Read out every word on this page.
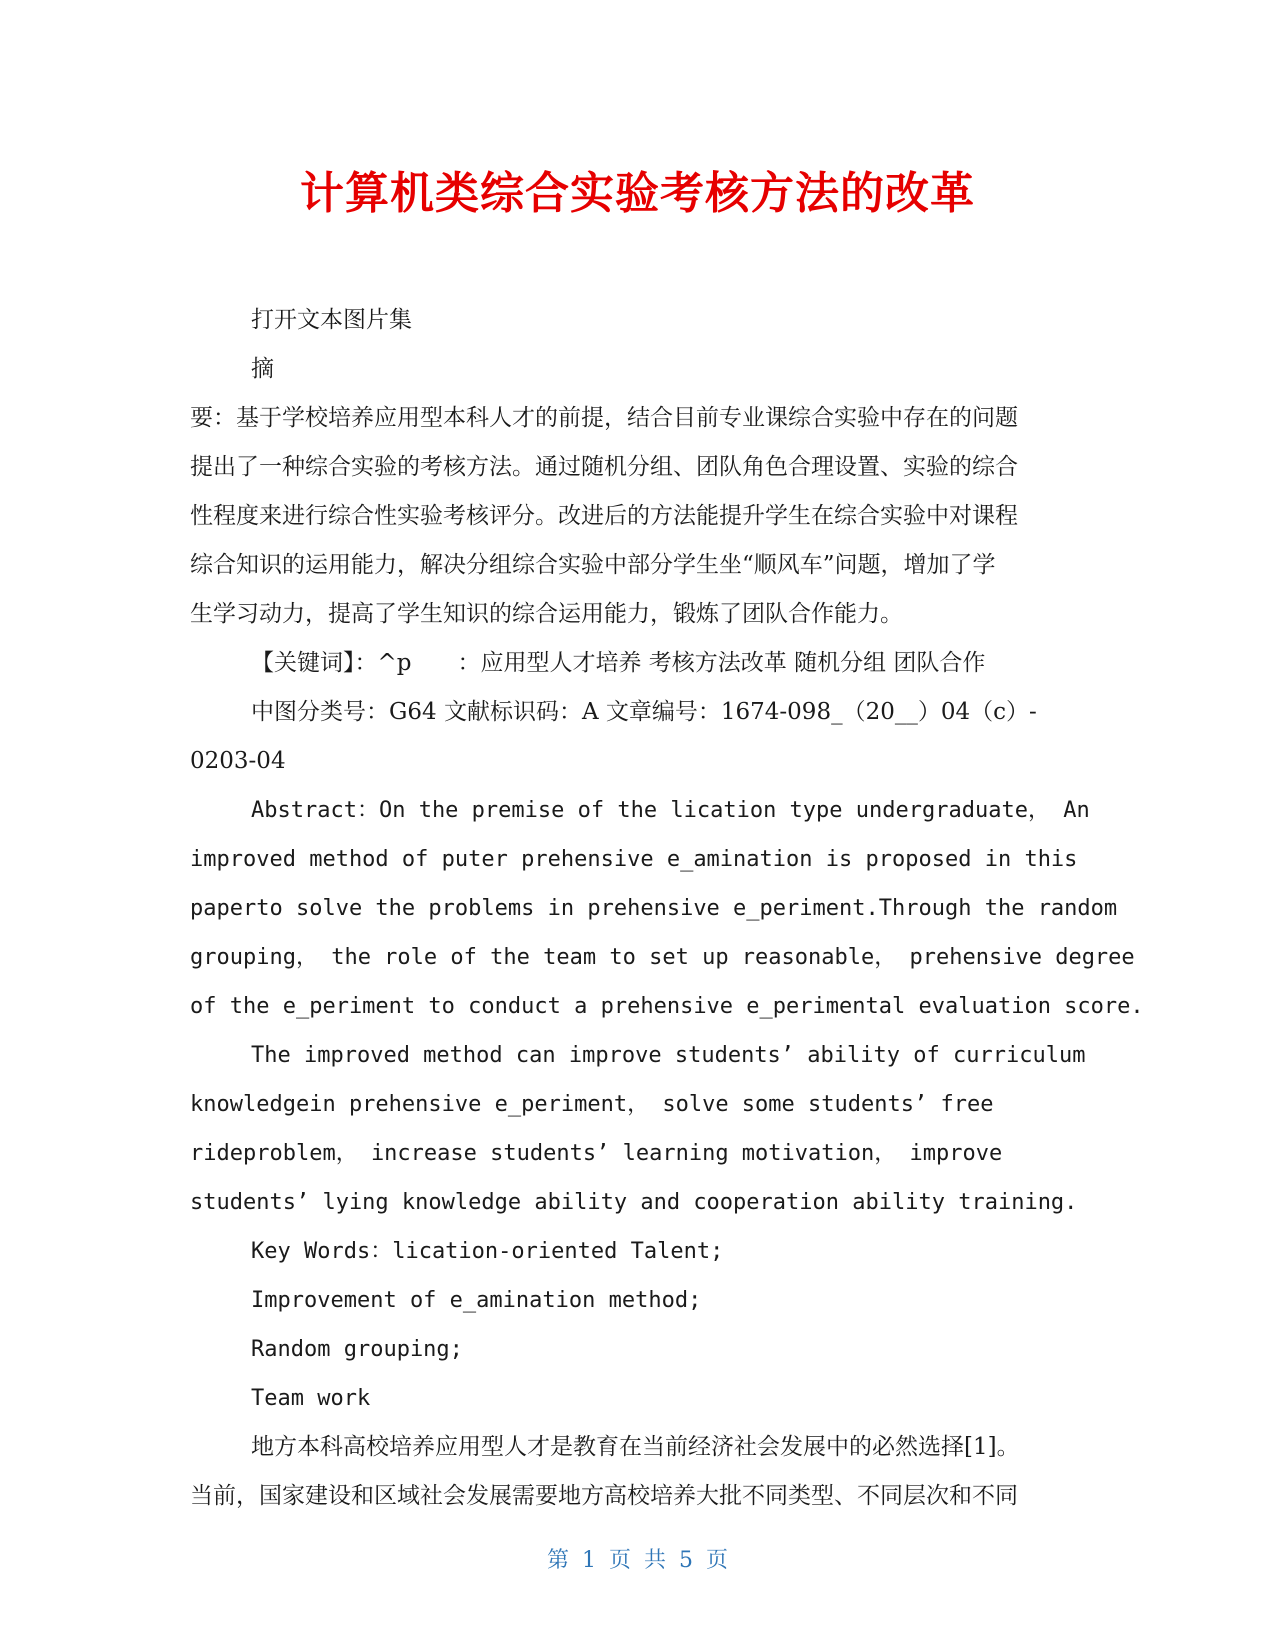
计算机类综合实验考核方法的改革
打开文本图片集
摘
要：基于学校培养应用型本科人才的前提，结合目前专业课综合实验中存在的问题
提出了一种综合实验的考核方法。通过随机分组、团队角色合理设置、实验的综合
性程度来进行综合性实验考核评分。改进后的方法能提升学生在综合实验中对课程
综合知识的运用能力，解决分组综合实验中部分学生坐“顺风车”问题，增加了学
生学习动力，提高了学生知识的综合运用能力，锻炼了团队合作能力。
【关键词】：^p　　：应用型人才培养 考核方法改革 随机分组 团队合作
中图分类号：G64 文献标识码：A 文章编号：1674-098_（20__）04（c）-
0203-04
Abstract：On the premise of the lication type undergraduate， An
improved method of puter prehensive e_amination is proposed in this
paperto solve the problems in prehensive e_periment.Through the random
grouping， the role of the team to set up reasonable， prehensive degree
of the e_periment to conduct a prehensive e_perimental evaluation score.
The improved method can improve students’ ability of curriculum
knowledgein prehensive e_periment， solve some students’ free
rideproblem， increase students’ learning motivation， improve
students’ lying knowledge ability and cooperation ability training.
Key Words：lication-oriented Talent;
Improvement of e_amination method;
Random grouping;
Team work
地方本科高校培养应用型人才是教育在当前经济社会发展中的必然选择[1]。
当前，国家建设和区域社会发展需要地方高校培养大批不同类型、不同层次和不同
第 1 页 共 5 页
